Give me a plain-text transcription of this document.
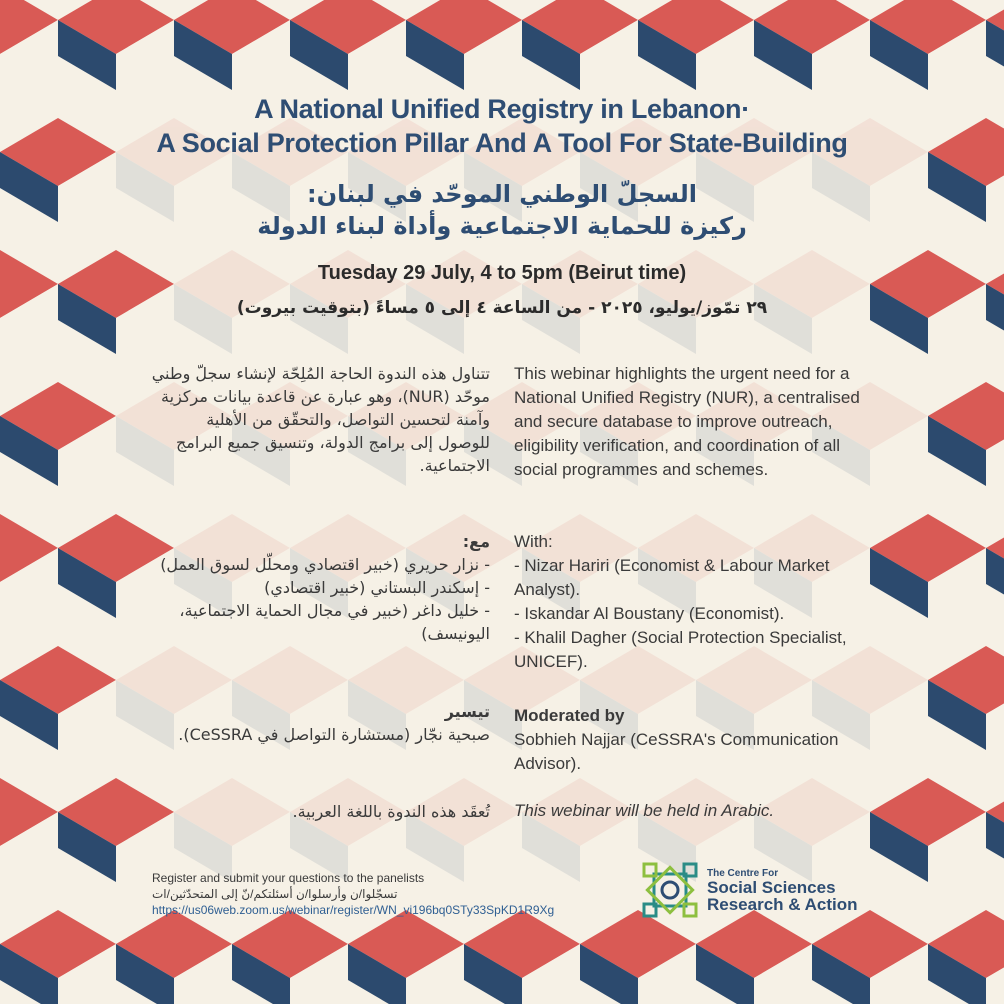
A National Unified Registry in Lebanon·
A Social Protection Pillar And A Tool For State-Building
السجلّ الوطني الموحّد في لبنان:
ركيزة للحماية الاجتماعية وأداة لبناء الدولة
Tuesday 29 July, 4 to 5pm (Beirut time)
٢٩ تمّوز/يوليو، ٢٠٢٥ - من الساعة ٤ إلى ٥ مساءً (بتوقيت بيروت)
This webinar highlights the urgent need for a National Unified Registry (NUR), a centralised and secure database to improve outreach, eligibility verification, and coordination of all social programmes and schemes.
With:
- Nizar Hariri (Economist & Labour Market Analyst).
- Iskandar Al Boustany (Economist).
- Khalil Dagher (Social Protection Specialist, UNICEF).
Moderated by
Sobhieh Najjar (CeSSRA's Communication Advisor).
This webinar will be held in Arabic.
تتناول هذه الندوة الحاجة المُلِحّة لإنشاء سجلّ وطني موحّد (NUR)، وهو عبارة عن قاعدة بيانات مركزية وآمنة لتحسين التواصل، والتحقّق من الأهلية للوصول إلى برامج الدولة، وتنسيق جميع البرامج الاجتماعية.
مع:
- نزار حريري (خبير اقتصادي ومحلّل لسوق العمل)
- إسكندر البستاني (خبير اقتصادي)
- خليل داغر (خبير في مجال الحماية الاجتماعية، اليونيسف)
تيسير
صبحية نجّار (مستشارة التواصل في CeSSRA).
تُعقَد هذه الندوة باللغة العربية.
Register and submit your questions to the panelists
تسجّلوا/ن وأرسلوا/ن أسئلتكم/نّ إلى المتحدّثين/ات
https://us06web.zoom.us/webinar/register/WN_vi196bq0STy33SpKD1R9Xg
The Centre For
Social Sciences
Research & Action
